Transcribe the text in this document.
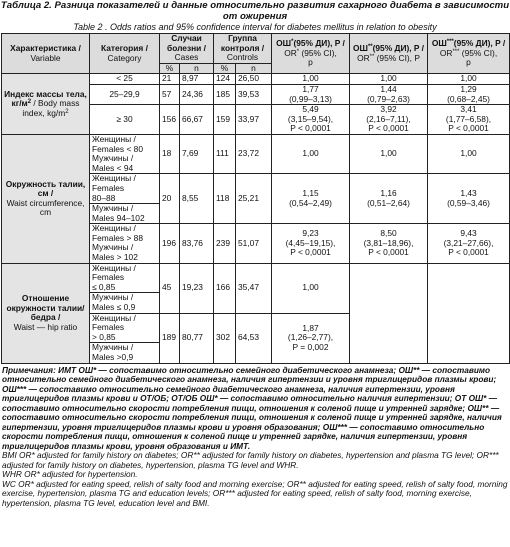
Таблица 2. Разница показателей и данные относительно развития сахарного диабета в зависимости от ожирения
Table 2 . Odds ratios and 95% confidence interval for diabetes mellitus in relation to obesity
Характеристика /
Variable	Категория /
Category	Случаи болезни /
Cases		Группа контроля /
Controls		ОШ*(95% ДИ), P /
OR* (95% CI),
p	ОШ**(95% ДИ), P /
OR** (95% CI), P	ОШ***(95% ДИ), P /
OR*** (95% CI),
p
		%	n	%	n			
Индекс массы тела, $кг/м^2$ / Body mass index, $kg/m^2$	< 25	21	8,97	124	26,50	1,00	1,00	1,00
	25–29,9	57	24,36	185	39,53	1,77
(0,99–3,13)	1,44
(0,79–2,63)	1,29
(0,68–2,45)
	≥ 30	156	66,67	159	33,97	5,49
(3,15–9,54),
P < 0,0001	3,92
(2,16–7,11),
P < 0,0001	3,41
(1,77–6,58),
P < 0,0001
Окружность талии, см /
Waist circumference, cm	Женщины /
Females < 80
Мужчины /
Males < 94	18	7,69	111	23,72	1,00	1,00	1,00
	Женщины /
Females
80–88	20	8,55	118	25,21	1,15
(0,54–2,49)	1,16
(0,51–2,64)	1,43
(0,59–3,46)
	Мужчины /
Males 94–102							
	Женщины /
Females > 88
Мужчины /
Males > 102	196	83,76	239	51,07	9,23
(4,45–19,15),
P < 0,0001	8,50
(3,81–18,96),
P < 0,0001	9,43
(3,21–27,66),
P < 0,0001
Отношение окружности талии/бедра /
Waist — hip ratio	Женщины /
Females
≤ 0,85	45	19,23	166	35,47	1,00		
	Мужчины /
Males ≤ 0,9							
	Женщины /
Females
> 0,85	189	80,77	302	64,53	1,87
(1,26–2,77),
P = 0,002		
	Мужчины /
Males >0,9							
Примечания: ИМТ ОШ* — сопоставимо относительно семейного диабетического анамнеза; ОШ** — сопоставимо относительно семейного диабетического анамнеза, наличия гипертензии и уровня триглицеридов плазмы крови; ОШ*** — сопоставимо относительно семейного диабетического анамнеза, наличия гипертензии, уровня триглицеридов плазмы крови и ОТ/ОБ; ОТ/ОБ ОШ* — сопоставимо относительно наличия гипертензии; ОТ ОШ* — сопоставимо относительно скорости потребления пищи, отношения к соленой пище и утренней зарядке; ОШ** — сопоставимо относительно скорости потребления пищи, отношения к соленой пище и утренней зарядке, наличия гипертензии, уровня триглицеридов плазмы крови и уровня образования; ОШ*** — сопоставимо относительно скорости потребления пищи, отношения к соленой пище и утренней зарядке, наличия гипертензии, уровня триглицеридов плазмы крови, уровня образования и ИМТ.
BMI OR* adjusted for family history on diabetes; OR** adjusted for family history on diabetes, hypertension and plasma TG level; OR*** adjusted for family history on diabetes, hypertension, plasma TG level and WHR.
WHR OR* adjusted for hypertension.
WC OR* adjusted for eating speed, relish of salty food and morning exercise; OR** adjusted for eating speed, relish of salty food, morning exercise, hypertension, plasma TG and education levels; OR*** adjusted for eating speed, relish of salty food, morning exercise, hypertension, plasma TG level, education level and BMI.
